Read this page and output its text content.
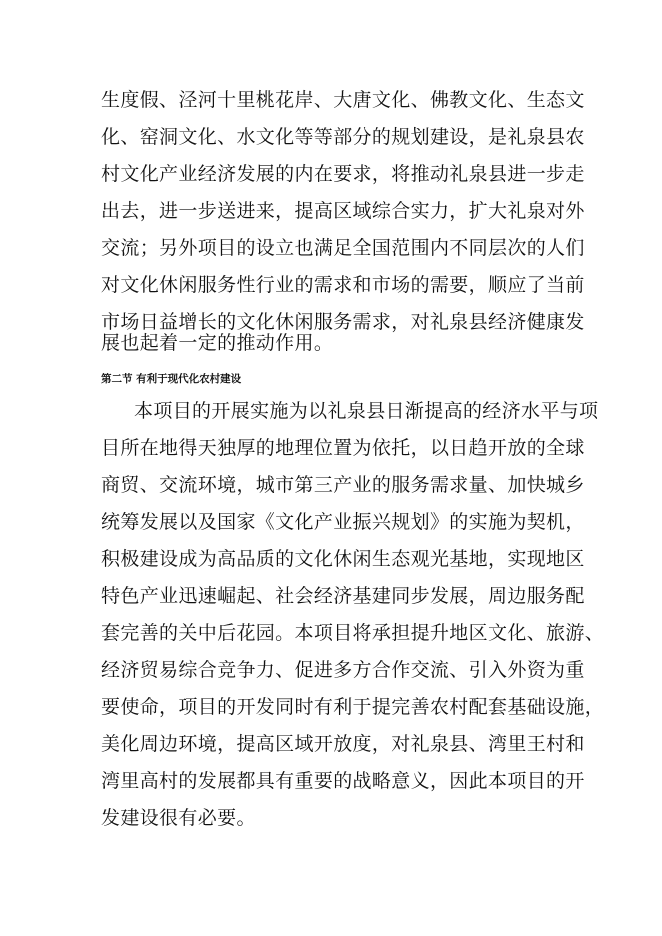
生度假、泾河十里桃花岸、大唐文化、佛教文化、生态文
化、窑洞文化、水文化等等部分的规划建设，是礼泉县农
村文化产业经济发展的内在要求，将推动礼泉县进一步走
出去，进一步送进来，提高区域综合实力，扩大礼泉对外
交流；另外项目的设立也满足全国范围内不同层次的人们
对文化休闲服务性行业的需求和市场的需要，顺应了当前
市场日益增长的文化休闲服务需求，对礼泉县经济健康发
展也起着一定的推动作用。
第二节 有利于现代化农村建设
本项目的开展实施为以礼泉县日渐提高的经济水平与项
目所在地得天独厚的地理位置为依托，以日趋开放的全球
商贸、交流环境，城市第三产业的服务需求量、加快城乡
统筹发展以及国家《文化产业振兴规划》的实施为契机，
积极建设成为高品质的文化休闲生态观光基地，实现地区
特色产业迅速崛起、社会经济基建同步发展，周边服务配
套完善的关中后花园。本项目将承担提升地区文化、旅游、
经济贸易综合竞争力、促进多方合作交流、引入外资为重
要使命，项目的开发同时有利于提完善农村配套基础设施，
美化周边环境，提高区域开放度，对礼泉县、湾里王村和
湾里高村的发展都具有重要的战略意义，因此本项目的开
发建设很有必要。
